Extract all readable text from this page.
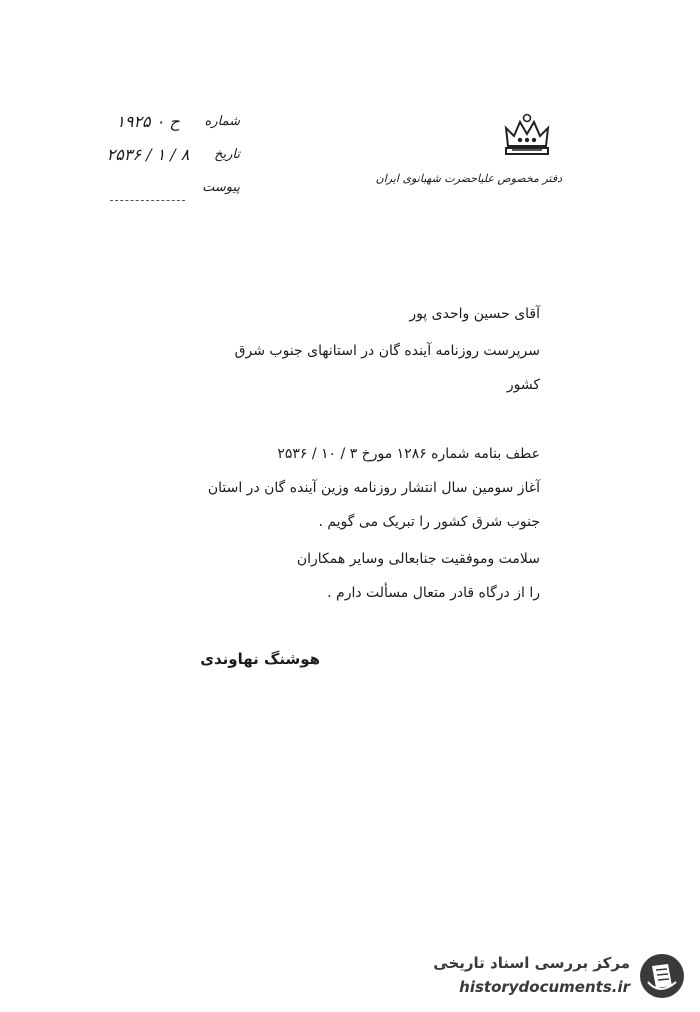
دفتر مخصوص علیاحضرت شهبانوی ایران
شماره
ح ۰ ۱۹۲۵
تاریخ
۸ / ۱ / ۲۵۳۶
پیوست
آقای حسین واحدی پور
سرپرست روزنامه آینده گان در استانهای جنوب شرق
کشور
عطف بنامه شماره ۱۲۸۶ مورخ ۳ / ۱۰ / ۲۵۳۶
آغاز سومین سال انتشار روزنامه وزین آینده گان در استان
جنوب شرق کشور را تبریک می گویم .
سلامت وموفقیت جنابعالی وسایر همکاران
را از درگاه قادر متعال مسألت دارم .
هوشنگ نهاوندی
مرکز بررسی اسناد تاریخی
historydocuments.ir
